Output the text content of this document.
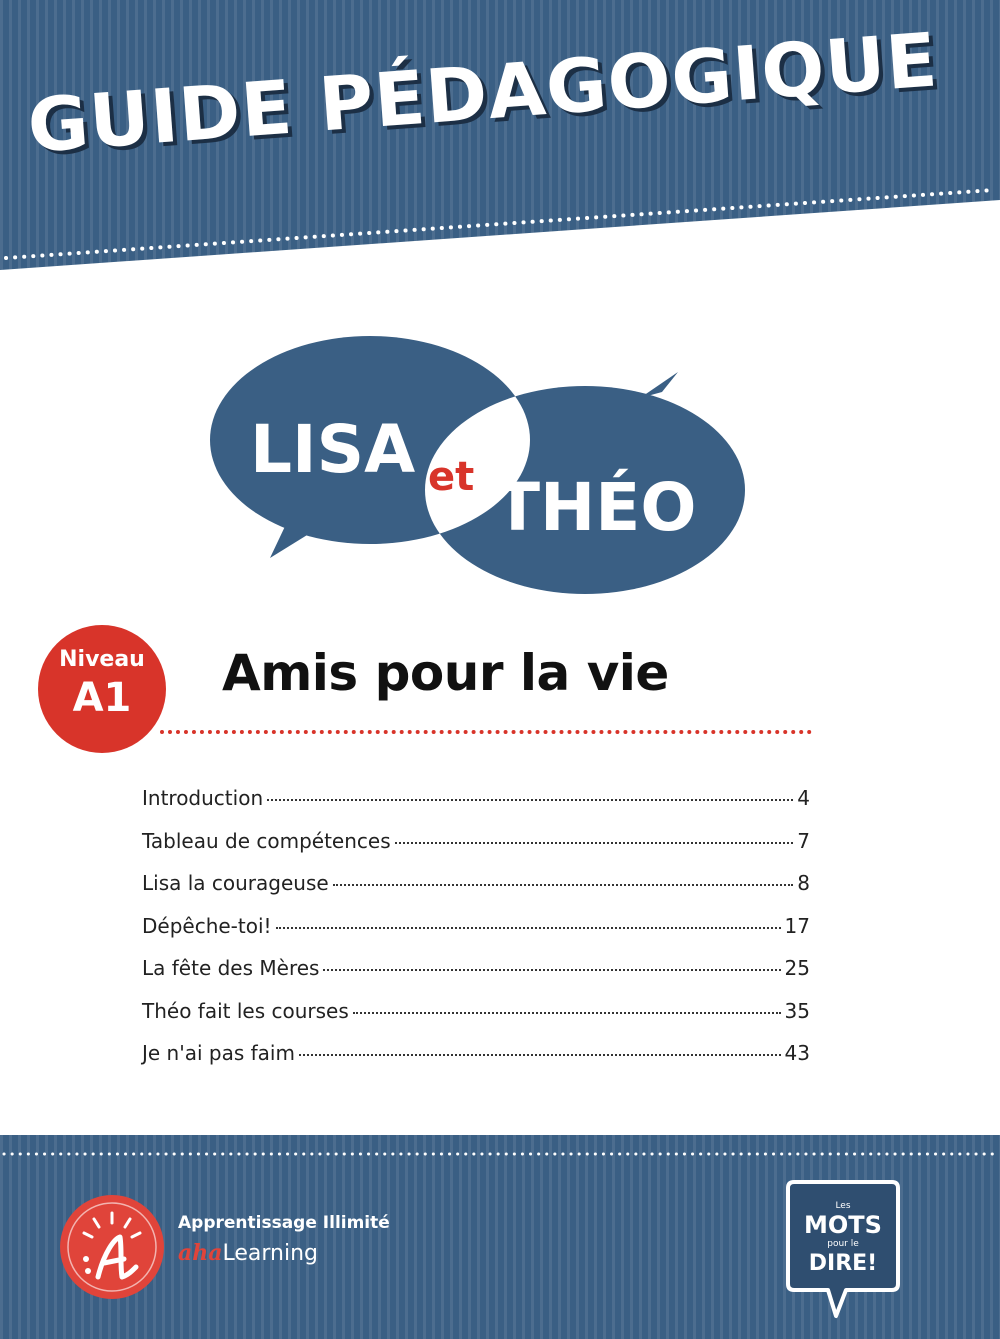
GUIDE PÉDAGOGIQUE
LISA et THÉO
Niveau
A1	Amis pour la vie
Introduction	4
Tableau de compétences	7
Lisa la courageuse	8
Dépêche-toi!	17
La fête des Mères	25
Théo fait les courses	35
Je n'ai pas faim	43
Apprentissage Illimité
ahaLearning
Les
MOTS
pour le
DIRE!
